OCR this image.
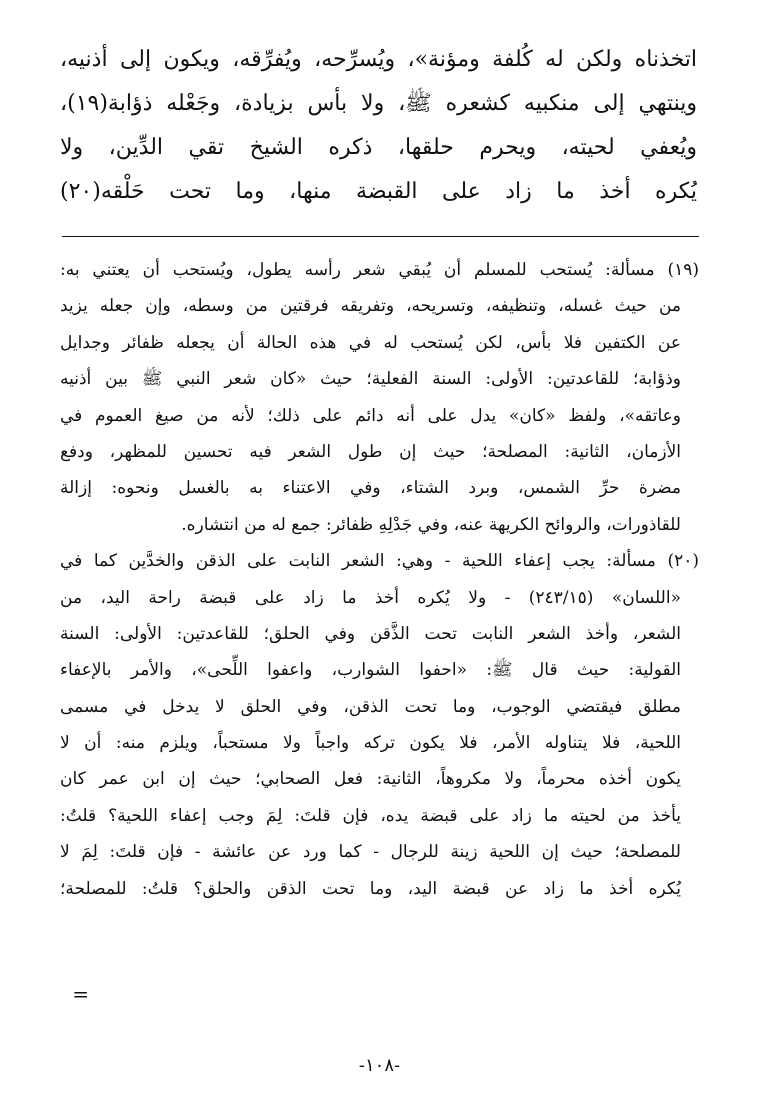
اتخذناه ولكن له كُلفة ومؤنة»، ويُسرِّحه، ويُفرِّقه، ويكون إلى أذنيه،
وينتهي إلى منكبيه كشعره ﷺ، ولا بأس بزيادة، وجَعْله ذؤابة(١٩)،
ويُعفي لحيته، ويحرم حلقها، ذكره الشيخ تقي الدِّين، ولا
يُكره أخذ ما زاد على القبضة منها، وما تحت حَلْقه(٢٠)
(١٩) مسألة: يُستحب للمسلم أن يُبقي شعر رأسه يطول، ويُستحب أن يعتني به:
من حيث غسله، وتنظيفه، وتسريحه، وتفريقه فرقتين من وسطه، وإن جعله يزيد
عن الكتفين فلا بأس، لكن يُستحب له في هذه الحالة أن يجعله ظفائر وجدايل
وذؤابة؛ للقاعدتين: الأولى: السنة الفعلية؛ حيث «كان شعر النبي ﷺ بين أذنيه
وعاتقه»، ولفظ «كان» يدل على أنه دائم على ذلك؛ لأنه من صيغ العموم في
الأزمان، الثانية: المصلحة؛ حيث إن طول الشعر فيه تحسين للمظهر، ودفع
مضرة حرِّ الشمس، وبرد الشتاء، وفي الاعتناء به بالغسل ونحوه: إزالة
للقاذورات، والروائح الكريهة عنه، وفي جَدْلِهِ ظفائر: جمع له من انتشاره.
(٢٠) مسألة: يجب إعفاء اللحية - وهي: الشعر النابت على الذقن والخدَّين كما في
«اللسان» (٢٤٣/١٥) - ولا يُكره أخذ ما زاد على قبضة راحة اليد، من
الشعر، وأخذ الشعر النابت تحت الذَّقن وفي الحلق؛ للقاعدتين: الأولى: السنة
القولية: حيث قال ﷺ: «احفوا الشوارب، واعفوا اللِّحى»، والأمر بالإعفاء
مطلق فيقتضي الوجوب، وما تحت الذقن، وفي الحلق لا يدخل في مسمى
اللحية، فلا يتناوله الأمر، فلا يكون تركه واجباً ولا مستحباً، ويلزم منه: أن لا
يكون أخذه محرماً، ولا مكروهاً، الثانية: فعل الصحابي؛ حيث إن ابن عمر كان
يأخذ من لحيته ما زاد على قبضة يده، فإن قلتَ: لِمَ وجب إعفاء اللحية؟ قلتُ:
للمصلحة؛ حيث إن اللحية زينة للرجال - كما ورد عن عائشة - فإن قلتَ: لِمَ لا
يُكره أخذ ما زاد عن قبضة اليد، وما تحت الذقن والحلق؟ قلتُ: للمصلحة؛
=
-١٠٨-
